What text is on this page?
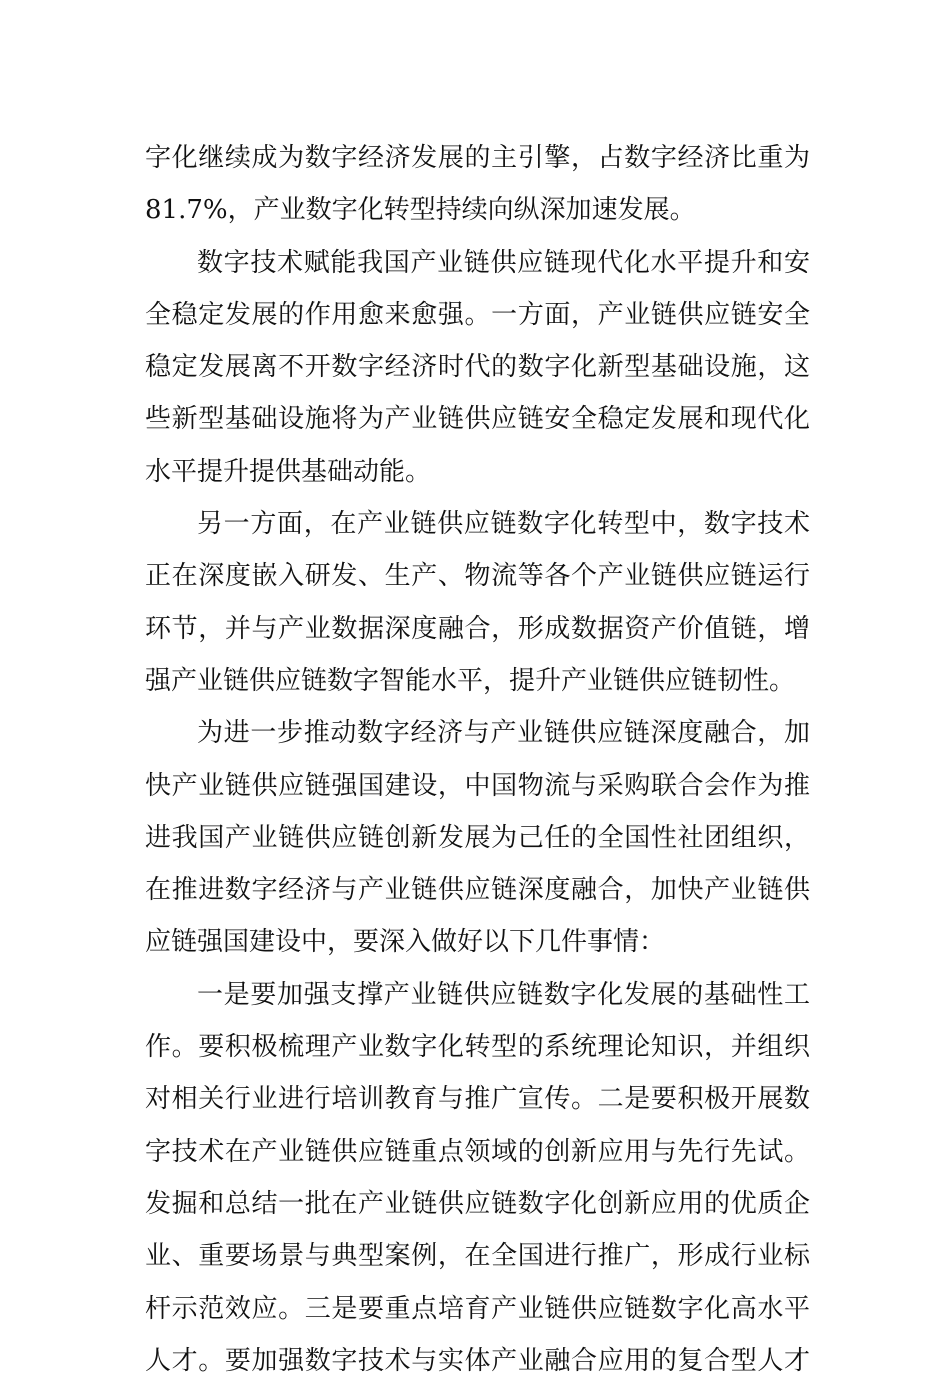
字化继续成为数字经济发展的主引擎，占数字经济比重为
81.7%，产业数字化转型持续向纵深加速发展。
数字技术赋能我国产业链供应链现代化水平提升和安
全稳定发展的作用愈来愈强。一方面，产业链供应链安全
稳定发展离不开数字经济时代的数字化新型基础设施，这
些新型基础设施将为产业链供应链安全稳定发展和现代化
水平提升提供基础动能。
另一方面，在产业链供应链数字化转型中，数字技术
正在深度嵌入研发、生产、物流等各个产业链供应链运行
环节，并与产业数据深度融合，形成数据资产价值链，增
强产业链供应链数字智能水平，提升产业链供应链韧性。
为进一步推动数字经济与产业链供应链深度融合，加
快产业链供应链强国建设，中国物流与采购联合会作为推
进我国产业链供应链创新发展为己任的全国性社团组织，
在推进数字经济与产业链供应链深度融合，加快产业链供
应链强国建设中，要深入做好以下几件事情：
一是要加强支撑产业链供应链数字化发展的基础性工
作。要积极梳理产业数字化转型的系统理论知识，并组织
对相关行业进行培训教育与推广宣传。二是要积极开展数
字技术在产业链供应链重点领域的创新应用与先行先试。
发掘和总结一批在产业链供应链数字化创新应用的优质企
业、重要场景与典型案例，在全国进行推广，形成行业标
杆示范效应。三是要重点培育产业链供应链数字化高水平
人才。要加强数字技术与实体产业融合应用的复合型人才
